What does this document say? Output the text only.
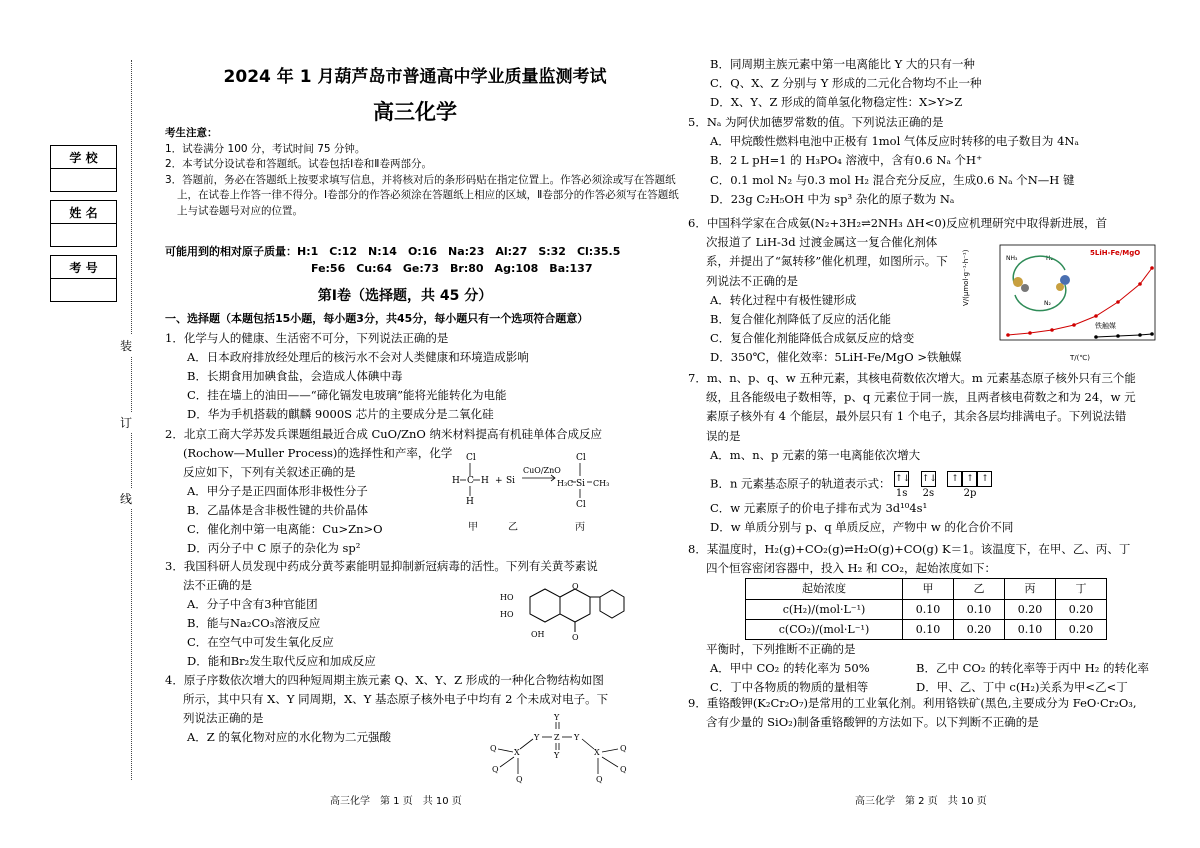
学 校

姓 名

考 号

装
订
线
2024 年 1 月葫芦岛市普通高中学业质量监测考试
高三化学
考生注意：
1．试卷满分 100 分，考试时间 75 分钟。
2．本考试分设试卷和答题纸。试卷包括Ⅰ卷和Ⅱ卷两部分。
3．答题前，务必在答题纸上按要求填写信息，并将核对后的条形码贴在指定位置上。作答必须涂或写在答题纸上，在试卷上作答一律不得分。Ⅰ卷部分的作答必须涂在答题纸上相应的区域，Ⅱ卷部分的作答必须写在答题纸上与试卷题号对应的位置。
可能用到的相对原子质量：H:1　C:12　N:14　O:16　Na:23　Al:27　S:32　Cl:35.5
Fe:56　Cu:64　Ge:73　Br:80　Ag:108　Ba:137
第Ⅰ卷（选择题，共 45 分）
一、选择题（本题包括15小题，每小题3分，共45分，每小题只有一个选项符合题意）

1．化学与人的健康、生活密不可分，下列说法正确的是

A．日本政府排放经处理后的核污水不会对人类健康和环境造成影响

B．长期食用加碘食盐，会造成人体碘中毒

C．挂在墙上的油田——“碲化镉发电玻璃”能将光能转化为电能

D．华为手机搭载的麒麟 9000S 芯片的主要成分是二氧化硅

2．北京工商大学苏发兵课题组最近合成 CuO/ZnO 纳米材料提高有机硅单体合成反应

(Rochow—Muller Process)的选择性和产率，化学

反应如下，下列有关叙述正确的是

A．甲分子是正四面体形非极性分子

B．乙晶体是含非极性键的共价晶体

C．催化剂中第一电离能：Cu>Zn>O

D．丙分子中 C 原子的杂化为 sp²

Cl
H C H
H
+ Si
CuO/ZnO
Cl
H₃C Si CH₃
Cl
甲	乙	丙

3．我国科研人员发现中药成分黄芩素能明显抑制新冠病毒的活性。下列有关黄芩素说

法不正确的是

A．分子中含有3种官能团

B．能与Na₂CO₃溶液反应

C．在空气中可发生氧化反应

D．能和Br₂发生取代反应和加成反应

O
O
HO
HO
OH

4．原子序数依次增大的四种短周期主族元素 Q、X、Y、Z 形成的一种化合物结构如图

所示，其中只有 X、Y 同周期，X、Y 基态原子核外电子中均有 2 个未成对电子。下

列说法正确的是

A．Z 的氧化物对应的水化物为二元强酸

Y
Y Z Y
Y
X	X
Q
Q
Q
Q
Q
Q

B．同周期主族元素中第一电离能比 Y 大的只有一种

C．Q、X、Z 分别与 Y 形成的二元化合物均不止一种

D．X、Y、Z 形成的简单氢化物稳定性：X>Y>Z

5．Nₐ 为阿伏加德罗常数的值。下列说法正确的是

A．甲烷酸性燃料电池中正极有 1mol 气体反应时转移的电子数目为 4Nₐ

B．2 L pH=1 的 H₃PO₄ 溶液中，含有0.6 Nₐ 个H⁺

C．0.1 mol N₂ 与0.3 mol H₂ 混合充分反应，生成0.6 Nₐ 个N—H 键

D．23g C₂H₅OH 中为 sp³ 杂化的原子数为 Nₐ

6．中国科学家在合成氨(N₂+3H₂⇌2NH₃ ΔH<0)反应机理研究中取得新进展，首

次报道了 LiH-3d 过渡金属这一复合催化剂体

系，并提出了“氮转移”催化机理，如图所示。下

列说法不正确的是

A．转化过程中有极性键形成

B．复合催化剂降低了反应的活化能

C．复合催化剂能降低合成氨反应的焓变

D．350℃，催化效率：5LiH-Fe/MgO >铁触媒

V/(μmol·g⁻¹·h⁻¹)
T/(℃)
5LiH-Fe/MgO
铁触媒
NH₃	H₂
N₂

7．m、n、p、q、w 五种元素，其核电荷数依次增大。m 元素基态原子核外只有三个能

级，且各能级电子数相等，p、q 元素位于同一族，且两者核电荷数之和为 24，w 元

素原子核外有 4 个能层，最外层只有 1 个电子，其余各层均排满电子。下列说法错

误的是

A．m、n、p 元素的第一电离能依次增大

B．n 元素基态原子的轨道表示式： ↑↓
1s
↑↓
2s
↑ ↑ ↑
2p

C．w 元素原子的价电子排布式为 3d¹⁰4s¹

D．w 单质分别与 p、q 单质反应，产物中 w 的化合价不同

8．某温度时，H₂(g)+CO₂(g)⇌H₂O(g)+CO(g) K＝1。该温度下，在甲、乙、丙、丁

四个恒容密闭容器中，投入 H₂ 和 CO₂，起始浓度如下：

起始浓度	甲	乙	丙	丁
c(H₂)/(mol·L⁻¹)	0.10	0.10	0.20	0.20
c(CO₂)/(mol·L⁻¹)	0.10	0.20	0.10	0.20

平衡时，下列推断不正确的是

A．甲中 CO₂ 的转化率为 50%	B．乙中 CO₂ 的转化率等于丙中 H₂ 的转化率

C．丁中各物质的物质的量相等	D．甲、乙、丁中 c(H₂)关系为甲<乙<丁

9．重铬酸钾(K₂Cr₂O₇)是常用的工业氧化剂。利用铬铁矿(黑色,主要成分为 FeO·Cr₂O₃,

含有少量的 SiO₂)制备重铬酸钾的方法如下。以下判断不正确的是

高三化学　第 1 页　共 10 页	高三化学　第 2 页　共 10 页
